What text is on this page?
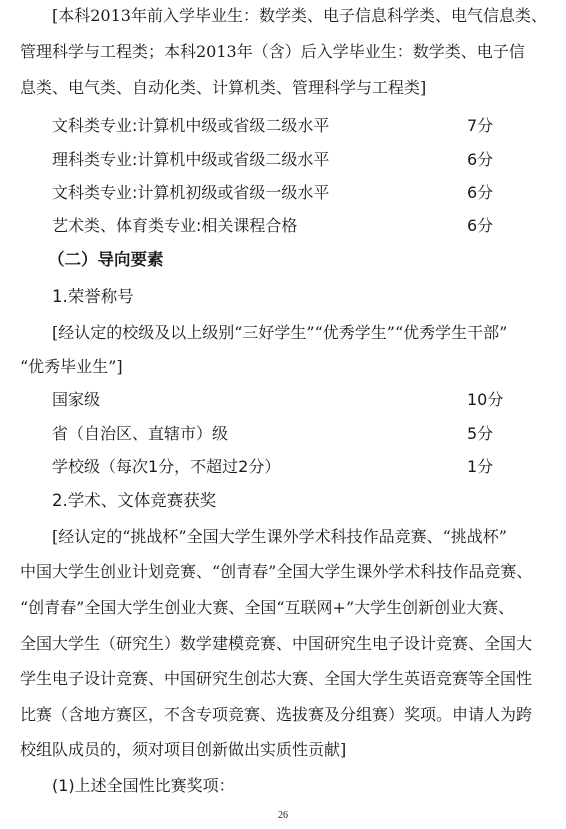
[本科2013年前入学毕业生：数学类、电子信息科学类、电气信息类、
管理科学与工程类；本科2013年（含）后入学毕业生：数学类、电子信
息类、电气类、自动化类、计算机类、管理科学与工程类]
文科类专业:计算机中级或省级二级水平	7分
理科类专业:计算机中级或省级二级水平	6分
文科类专业:计算机初级或省级一级水平	6分
艺术类、体育类专业:相关课程合格	6分
（二）导向要素
1.荣誉称号
[经认定的校级及以上级别“三好学生”“优秀学生”“优秀学生干部”
“优秀毕业生”]
国家级	10分
省（自治区、直辖市）级	5分
学校级（每次1分，不超过2分）	1分
2.学术、文体竞赛获奖
[经认定的“挑战杯”全国大学生课外学术科技作品竞赛、“挑战杯”
中国大学生创业计划竞赛、“创青春”全国大学生课外学术科技作品竞赛、
“创青春”全国大学生创业大赛、全国“互联网+”大学生创新创业大赛、
全国大学生（研究生）数学建模竞赛、中国研究生电子设计竞赛、全国大
学生电子设计竞赛、中国研究生创芯大赛、全国大学生英语竞赛等全国性
比赛（含地方赛区，不含专项竞赛、选拔赛及分组赛）奖项。申请人为跨
校组队成员的，须对项目创新做出实质性贡献]
(1)上述全国性比赛奖项：
26
